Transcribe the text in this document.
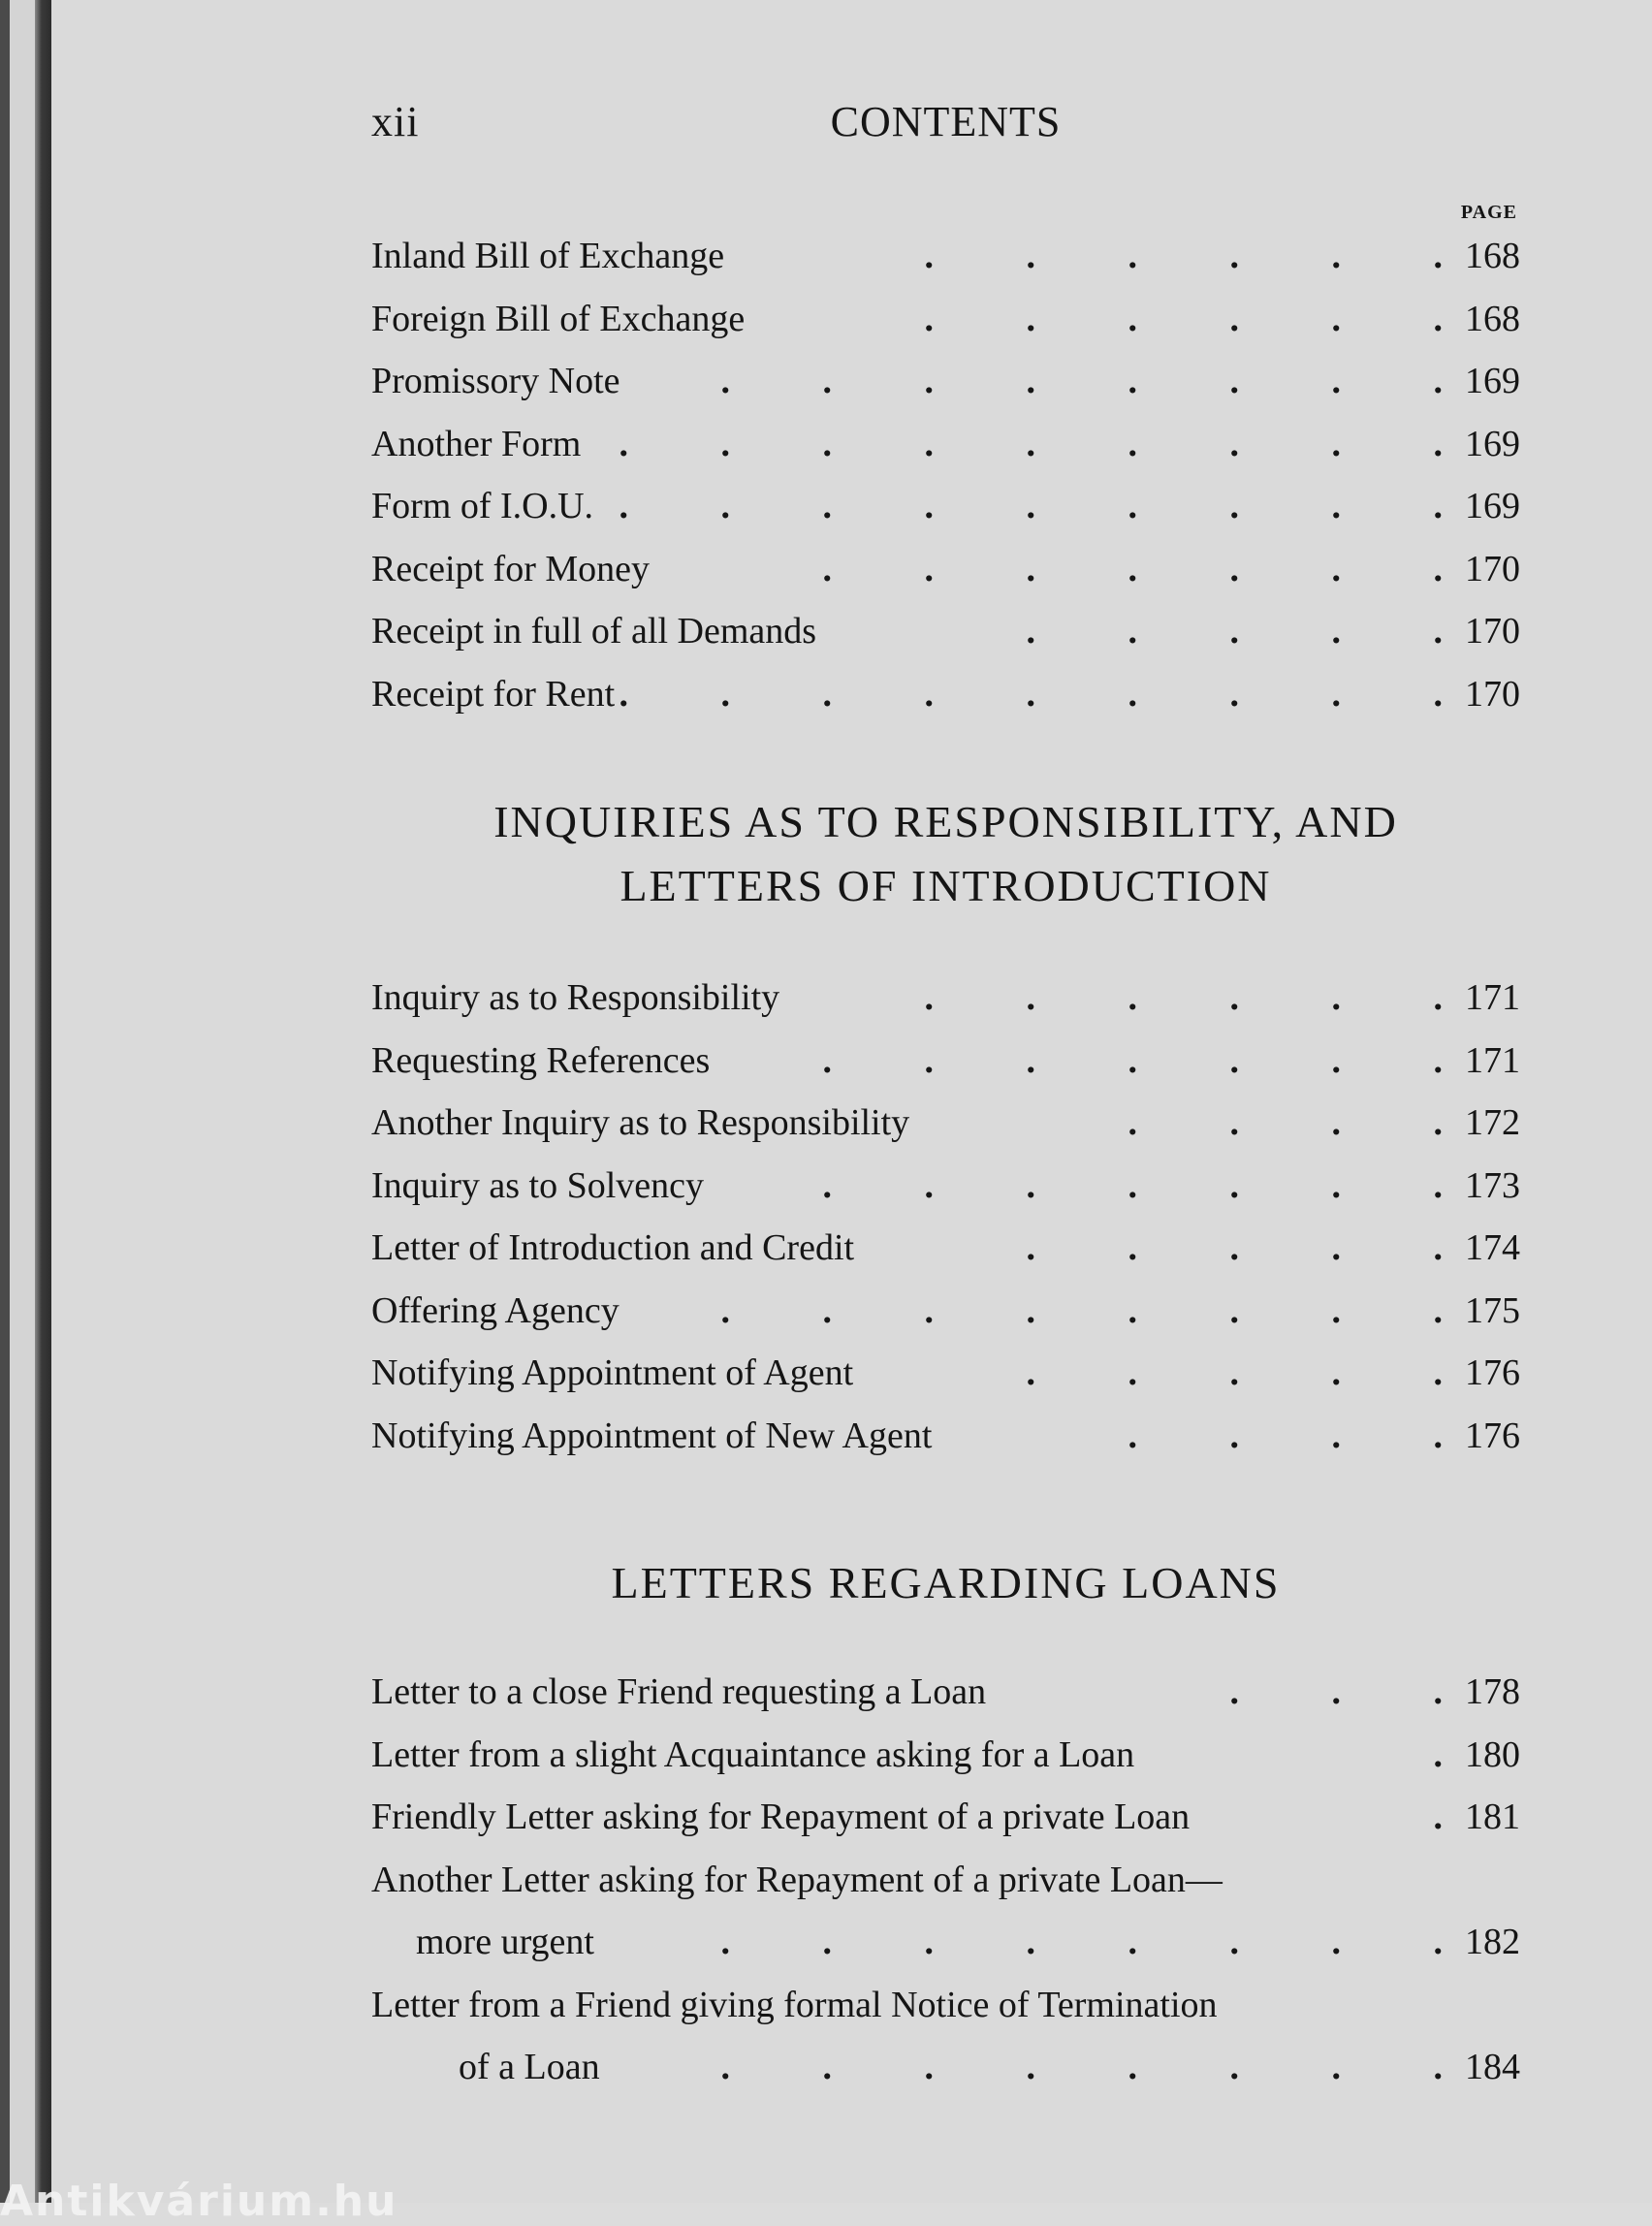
xii	CONTENTS
PAGE
Inland Bill of Exchange	.	.	.	.	.	. 168
Foreign Bill of Exchange	.	.	.	.	.	. 168
Promissory Note	.	.	.	.	.	.	.	. 169
Another Form	.	.	.	.	.	.	.	.	. 169
Form of I.O.U. .	.	.	.	.	.	.	.	. 169
Receipt for Money	.	.	.	.	.	.	. 170
Receipt in full of all Demands	.	.	.	.	. 170
Receipt for Rent .	.	.	.	.	.	.	.	. 170
INQUIRIES AS TO RESPONSIBILITY, AND
LETTERS OF INTRODUCTION
Inquiry as to Responsibility	.	.	.	.	.	. 171
Requesting References	.	.	.	.	.	.	. 171
Another Inquiry as to Responsibility	.	.	.	. 172
Inquiry as to Solvency	.	.	.	.	.	.	. 173
Letter of Introduction and Credit	.	.	.	.	. 174
Offering Agency	.	.	.	.	.	.	.	. 175
Notifying Appointment of Agent	.	.	.	.	. 176
Notifying Appointment of New Agent	.	.	.	. 176
LETTERS REGARDING LOANS
Letter to a close Friend requesting a Loan	.	.	. 178
Letter from a slight Acquaintance asking for a Loan	. 180
Friendly Letter asking for Repayment of a private Loan	. 181
Another Letter asking for Repayment of a private Loan—
more urgent	.	.	.	.	.	.	.	. 182
Letter from a Friend giving formal Notice of Termination
of a Loan	.	.	.	.	.	.	.	. 184
Antikvárium.hu
